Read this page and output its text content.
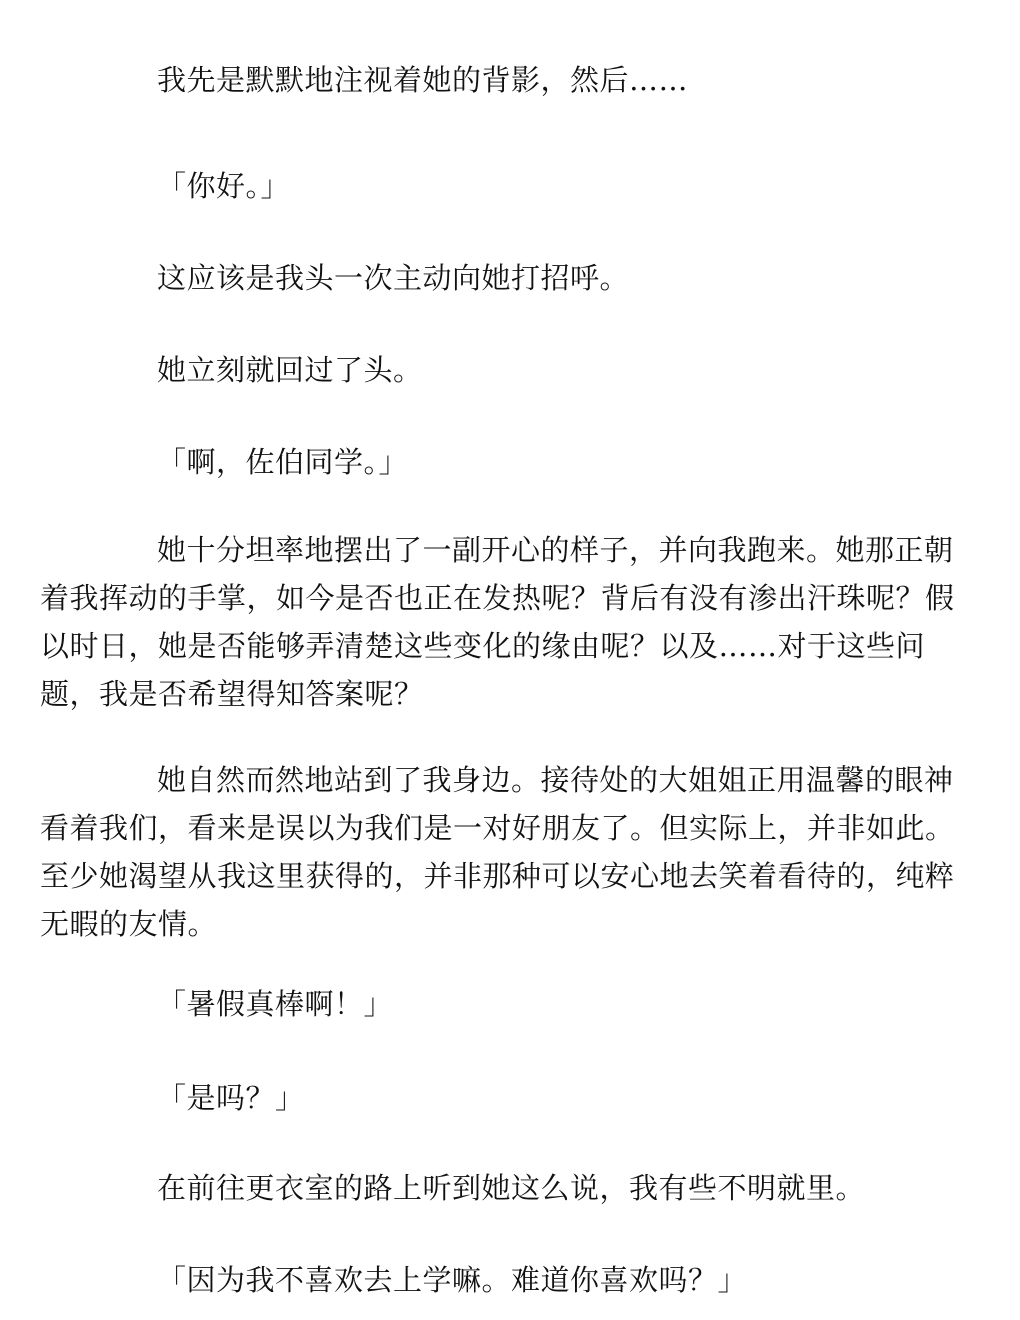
我先是默默地注视着她的背影，然后……

「你好。」

这应该是我头一次主动向她打招呼。

她立刻就回过了头。

「啊，佐伯同学。」

她十分坦率地摆出了一副开心的样子，并向我跑来。她那正朝着我挥动的手掌，如今是否也正在发热呢？背后有没有渗出汗珠呢？假以时日，她是否能够弄清楚这些变化的缘由呢？以及……对于这些问题，我是否希望得知答案呢？

她自然而然地站到了我身边。接待处的大姐姐正用温馨的眼神看着我们，看来是误以为我们是一对好朋友了。但实际上，并非如此。至少她渴望从我这里获得的，并非那种可以安心地去笑着看待的，纯粹无暇的友情。

「暑假真棒啊！」

「是吗？」

在前往更衣室的路上听到她这么说，我有些不明就里。

「因为我不喜欢去上学嘛。难道你喜欢吗？」
